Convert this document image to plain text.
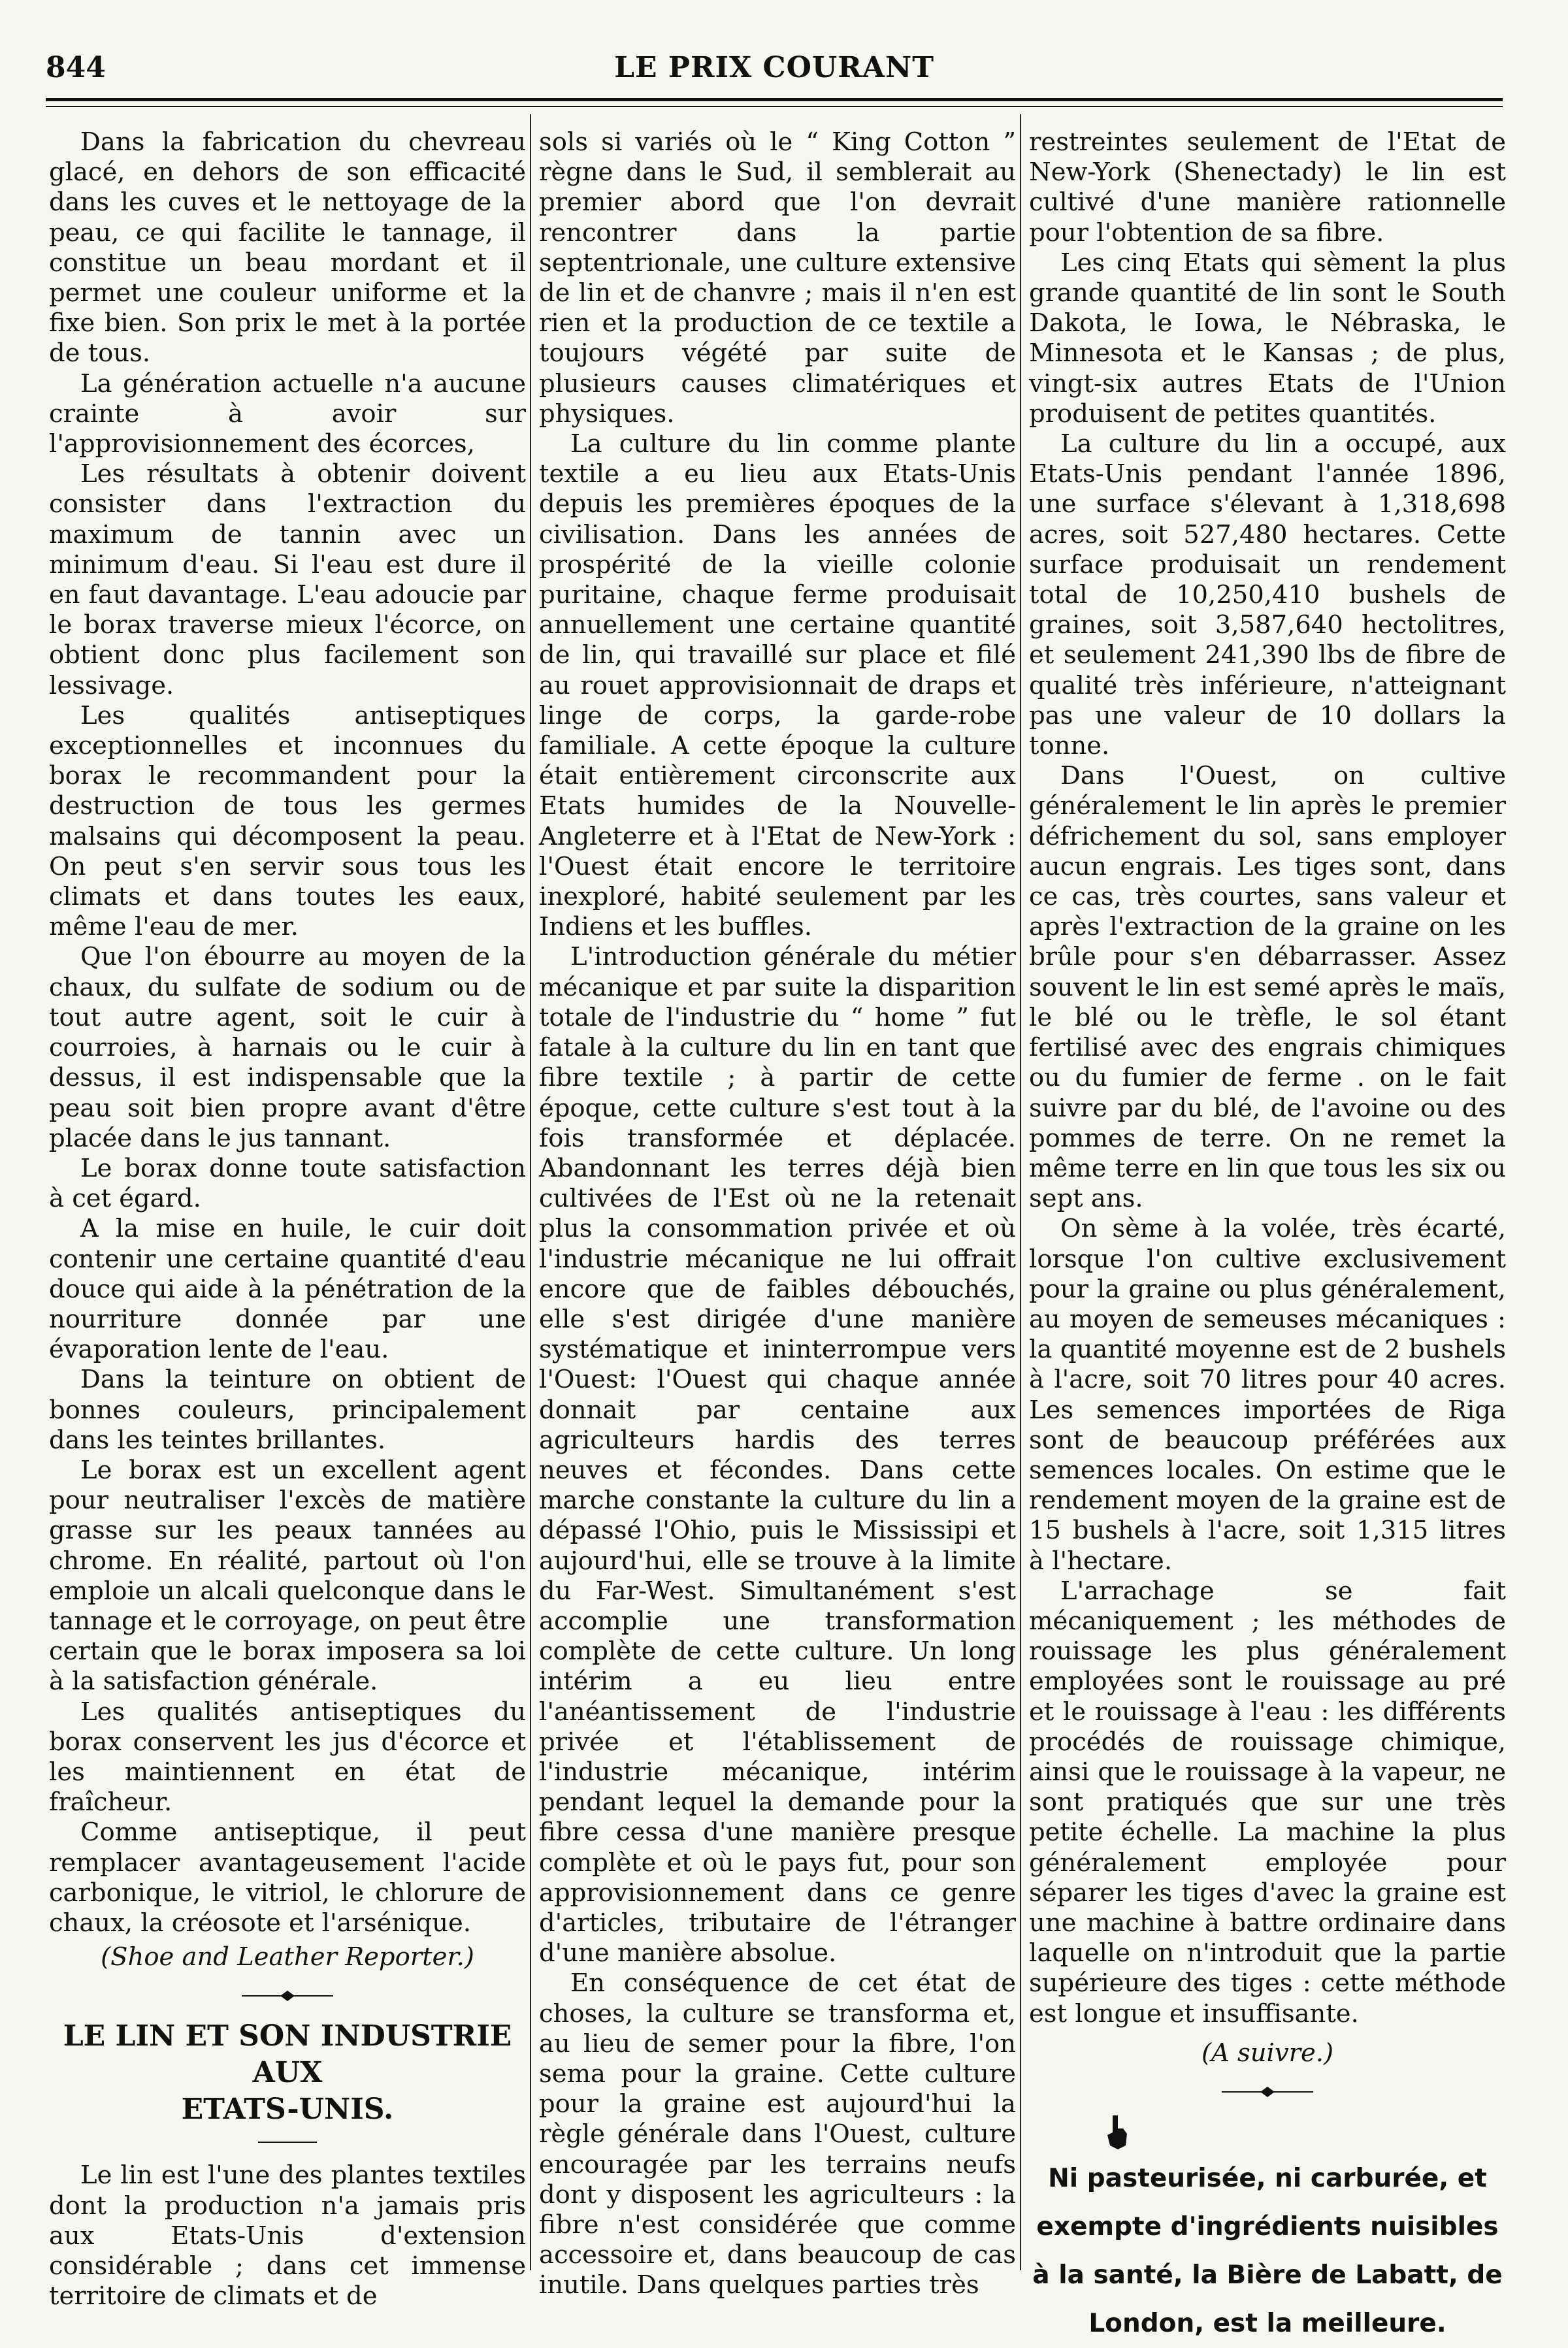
844	LE PRIX COURANT

Dans la fabrication du chevreau glacé, en dehors de son efficacité dans les cuves et le nettoyage de la peau, ce qui facilite le tannage, il constitue un beau mordant et il permet une couleur uniforme et la fixe bien. Son prix le met à la portée de tous.

La génération actuelle n'a aucune crainte à avoir sur l'approvisionnement des écorces,

Les résultats à obtenir doivent consister dans l'extraction du maximum de tannin avec un minimum d'eau. Si l'eau est dure il en faut davantage. L'eau adoucie par le borax traverse mieux l'écorce, on obtient donc plus facilement son lessivage.

Les qualités antiseptiques exceptionnelles et inconnues du borax le recommandent pour la destruction de tous les germes malsains qui décomposent la peau. On peut s'en servir sous tous les climats et dans toutes les eaux, même l'eau de mer.

Que l'on ébourre au moyen de la chaux, du sulfate de sodium ou de tout autre agent, soit le cuir à courroies, à harnais ou le cuir à dessus, il est indispensable que la peau soit bien propre avant d'être placée dans le jus tannant.

Le borax donne toute satisfaction à cet égard.

A la mise en huile, le cuir doit contenir une certaine quantité d'eau douce qui aide à la pénétration de la nourriture donnée par une évaporation lente de l'eau.

Dans la teinture on obtient de bonnes couleurs, principalement dans les teintes brillantes.

Le borax est un excellent agent pour neutraliser l'excès de matière grasse sur les peaux tannées au chrome. En réalité, partout où l'on emploie un alcali quelconque dans le tannage et le corroyage, on peut être certain que le borax imposera sa loi à la satisfaction générale.

Les qualités antiseptiques du borax conservent les jus d'écorce et les maintiennent en état de fraîcheur.

Comme antiseptique, il peut remplacer avantageusement l'acide carbonique, le vitriol, le chlorure de chaux, la créosote et l'arsénique.

(Shoe and Leather Reporter.)
LE LIN ET SON INDUSTRIE AUX
ETATS-UNIS.

Le lin est l'une des plantes textiles dont la production n'a jamais pris aux Etats-Unis d'extension considérable ; dans cet immense territoire de climats et de

sols si variés où le “ King Cotton ” règne dans le Sud, il semblerait au premier abord que l'on devrait rencontrer dans la partie septentrionale, une culture extensive de lin et de chanvre ; mais il n'en est rien et la production de ce textile a toujours végété par suite de plusieurs causes climatériques et physiques.

La culture du lin comme plante textile a eu lieu aux Etats-Unis depuis les premières époques de la civilisation. Dans les années de prospérité de la vieille colonie puritaine, chaque ferme produisait annuellement une certaine quantité de lin, qui travaillé sur place et filé au rouet approvisionnait de draps et linge de corps, la garde-robe familiale. A cette époque la culture était entièrement circonscrite aux Etats humides de la Nouvelle-Angleterre et à l'Etat de New-York : l'Ouest était encore le territoire inexploré, habité seulement par les Indiens et les buffles.

L'introduction générale du métier mécanique et par suite la disparition totale de l'industrie du “ home ” fut fatale à la culture du lin en tant que fibre textile ; à partir de cette époque, cette culture s'est tout à la fois transformée et déplacée. Abandonnant les terres déjà bien cultivées de l'Est où ne la retenait plus la consommation privée et où l'industrie mécanique ne lui offrait encore que de faibles débouchés, elle s'est dirigée d'une manière systématique et ininterrompue vers l'Ouest: l'Ouest qui chaque année donnait par centaine aux agriculteurs hardis des terres neuves et fécondes. Dans cette marche constante la culture du lin a dépassé l'Ohio, puis le Mississipi et aujourd'hui, elle se trouve à la limite du Far-West. Simultanément s'est accomplie une transformation complète de cette culture. Un long intérim a eu lieu entre l'anéantissement de l'industrie privée et l'établissement de l'industrie mécanique, intérim pendant lequel la demande pour la fibre cessa d'une manière presque complète et où le pays fut, pour son approvisionnement dans ce genre d'articles, tributaire de l'étranger d'une manière absolue.

En conséquence de cet état de choses, la culture se transforma et, au lieu de semer pour la fibre, l'on sema pour la graine. Cette culture pour la graine est aujourd'hui la règle générale dans l'Ouest, culture encouragée par les terrains neufs dont y disposent les agriculteurs : la fibre n'est considérée que comme accessoire et, dans beaucoup de cas inutile. Dans quelques parties très

restreintes seulement de l'Etat de New-York (Shenectady) le lin est cultivé d'une manière rationnelle pour l'obtention de sa fibre.

Les cinq Etats qui sèment la plus grande quantité de lin sont le South Dakota, le Iowa, le Nébraska, le Minnesota et le Kansas ; de plus, vingt-six autres Etats de l'Union produisent de petites quantités.

La culture du lin a occupé, aux Etats-Unis pendant l'année 1896, une surface s'élevant à 1,318,698 acres, soit 527,480 hectares. Cette surface produisait un rendement total de 10,250,410 bushels de graines, soit 3,587,640 hectolitres, et seulement 241,390 lbs de fibre de qualité très inférieure, n'atteignant pas une valeur de 10 dollars la tonne.

Dans l'Ouest, on cultive généralement le lin après le premier défrichement du sol, sans employer aucun engrais. Les tiges sont, dans ce cas, très courtes, sans valeur et après l'extraction de la graine on les brûle pour s'en débarrasser. Assez souvent le lin est semé après le maïs, le blé ou le trèfle, le sol étant fertilisé avec des engrais chimiques ou du fumier de ferme . on le fait suivre par du blé, de l'avoine ou des pommes de terre. On ne remet la même terre en lin que tous les six ou sept ans.

On sème à la volée, très écarté, lorsque l'on cultive exclusivement pour la graine ou plus généralement, au moyen de semeuses mécaniques : la quantité moyenne est de 2 bushels à l'acre, soit 70 litres pour 40 acres. Les semences importées de Riga sont de beaucoup préférées aux semences locales. On estime que le rendement moyen de la graine est de 15 bushels à l'acre, soit 1,315 litres à l'hectare.

L'arrachage se fait mécaniquement ; les méthodes de rouissage les plus généralement employées sont le rouissage au pré et le rouissage à l'eau : les différents procédés de rouissage chimique, ainsi que le rouissage à la vapeur, ne sont pratiqués que sur une très petite échelle. La machine la plus généralement employée pour séparer les tiges d'avec la graine est une machine à battre ordinaire dans laquelle on n'introduit que la partie supérieure des tiges : cette méthode est longue et insuffisante.

(A suivre.)
Ni pasteurisée, ni carburée, et exempte d'ingrédients nuisibles à la santé, la Bière de Labatt, de London, est la meilleure.
